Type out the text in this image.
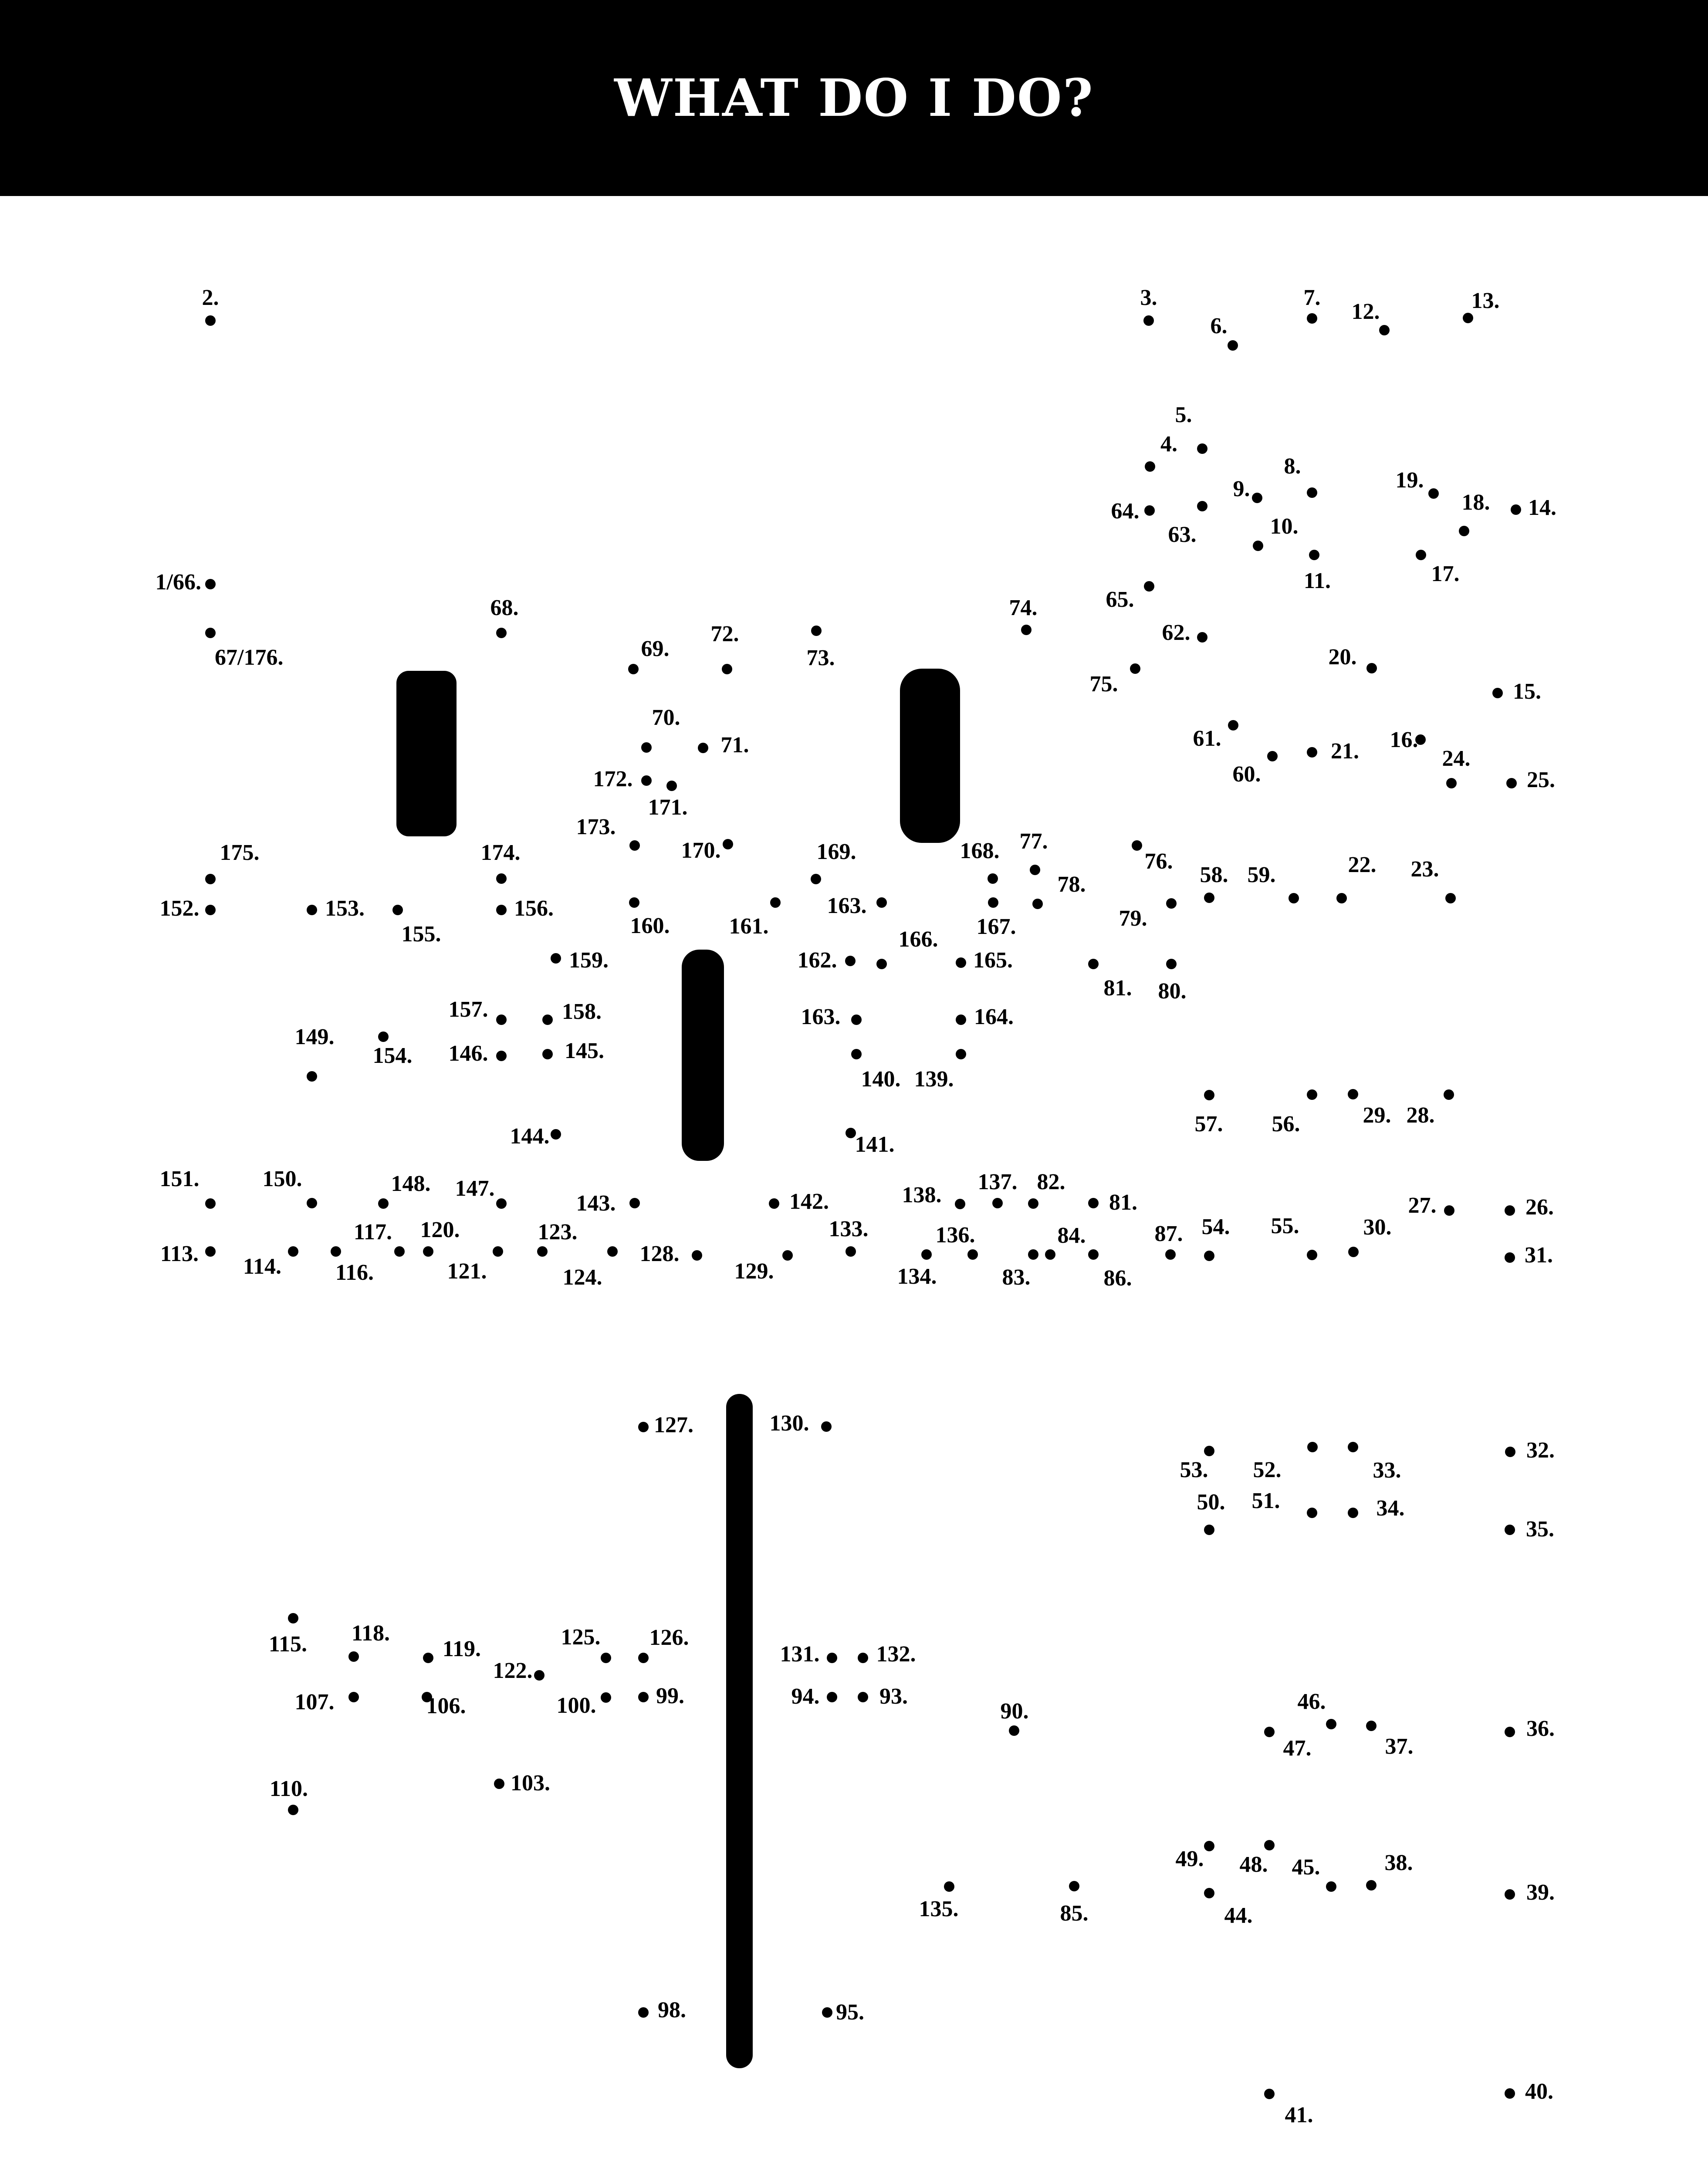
WHAT DO I DO?
1/66.
2.	3.
4.
5.
6.
7.
8.
9.
10.
11.
12.	13.
14.
15.
16.
17.
18.
19.
20.
21.
22. 23.
24.
25.
26.
27.
28.
29.
30.
31.
32.
33.
34.
35.
36.
37.
38.
39.
40.
41.
44.
45.
46.
47.
48.
49.
50. 51.
52.
53.
54. 55.
56.
57.
58. 59.
60.
61.
62.
63.
64.
65.
67/176.
68.
69.
70.
71.
72.
73.
74.
75.
76.
77.
78.
79.
80.
81.
81.
82.
83.
84.
85.
86.
87.
90.
93.
94.
95.
98.
99.
100.
103.
106.
107.
110.
113.
114.
115.
116.
117.
118.
119.
120.
121.
122.
123.
124.
125. 126.
127.
128.
129.
130.
131.	132.
133.
134.
135.
136.
137.
138.
139.
140.
141.
142.
143.
144.
145.
146.
147.
148.
149.
150.
151.
152.	153.
154.
155.
156.
157.	158.
159.
160.	161.
162.
163.
163.
164.
165.
166.
167.
168.
169.
170.
171.
172.
173.
174.
175.
